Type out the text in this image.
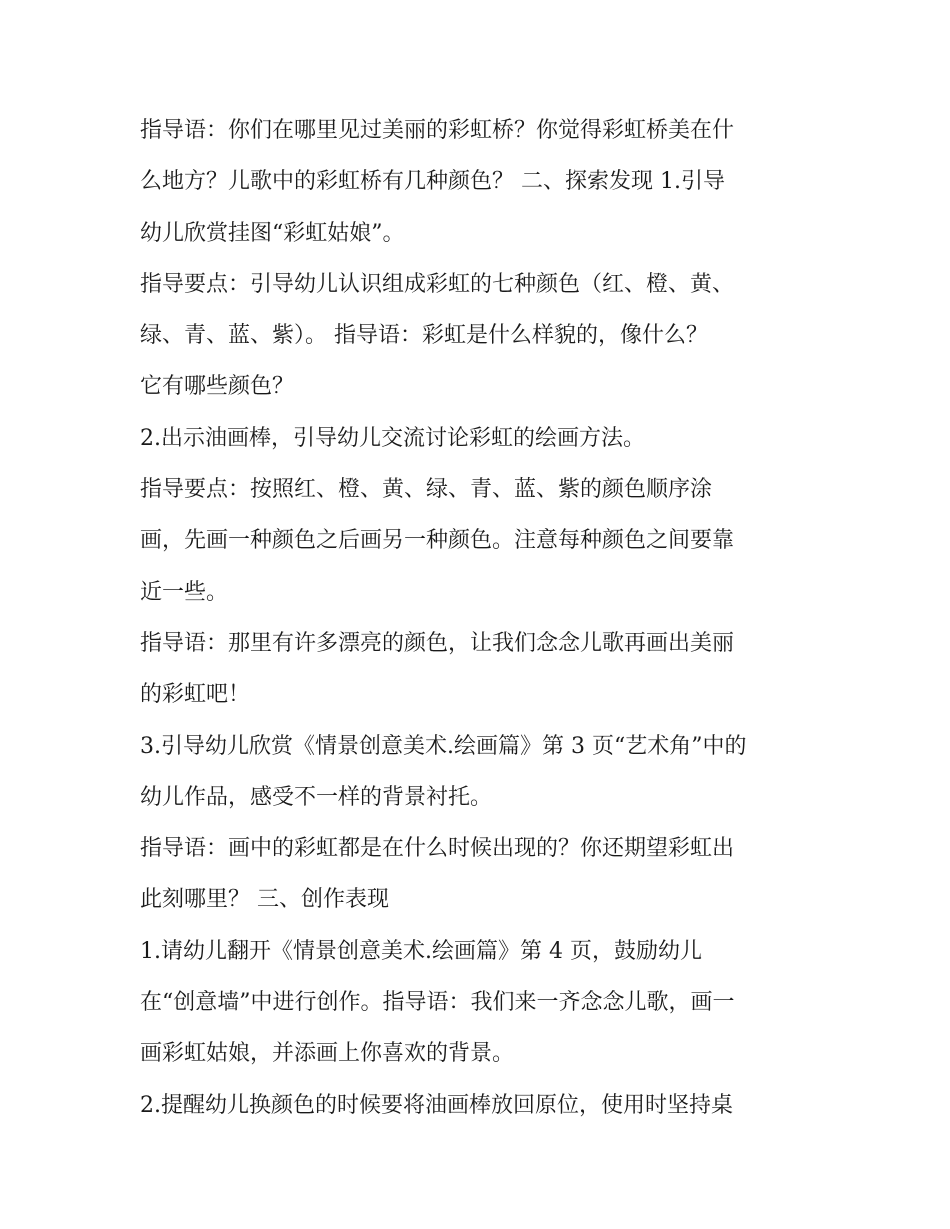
指导语：你们在哪里见过美丽的彩虹桥？你觉得彩虹桥美在什
么地方？儿歌中的彩虹桥有几种颜色？ 二、探索发现 1.引导
幼儿欣赏挂图“彩虹姑娘”。
指导要点：引导幼儿认识组成彩虹的七种颜色（红、橙、黄、
绿、青、蓝、紫）。 指导语：彩虹是什么样貌的，像什么？
它有哪些颜色？
2.出示油画棒，引导幼儿交流讨论彩虹的绘画方法。
指导要点：按照红、橙、黄、绿、青、蓝、紫的颜色顺序涂
画，先画一种颜色之后画另一种颜色。注意每种颜色之间要靠
近一些。
指导语：那里有许多漂亮的颜色，让我们念念儿歌再画出美丽
的彩虹吧！
3.引导幼儿欣赏《情景创意美术.绘画篇》第 3 页“艺术角”中的
幼儿作品，感受不一样的背景衬托。
指导语：画中的彩虹都是在什么时候出现的？你还期望彩虹出
此刻哪里？ 三、创作表现
1.请幼儿翻开《情景创意美术.绘画篇》第 4 页，鼓励幼儿
在“创意墙”中进行创作。指导语：我们来一齐念念儿歌，画一
画彩虹姑娘，并添画上你喜欢的背景。
2.提醒幼儿换颜色的时候要将油画棒放回原位，使用时坚持桌
